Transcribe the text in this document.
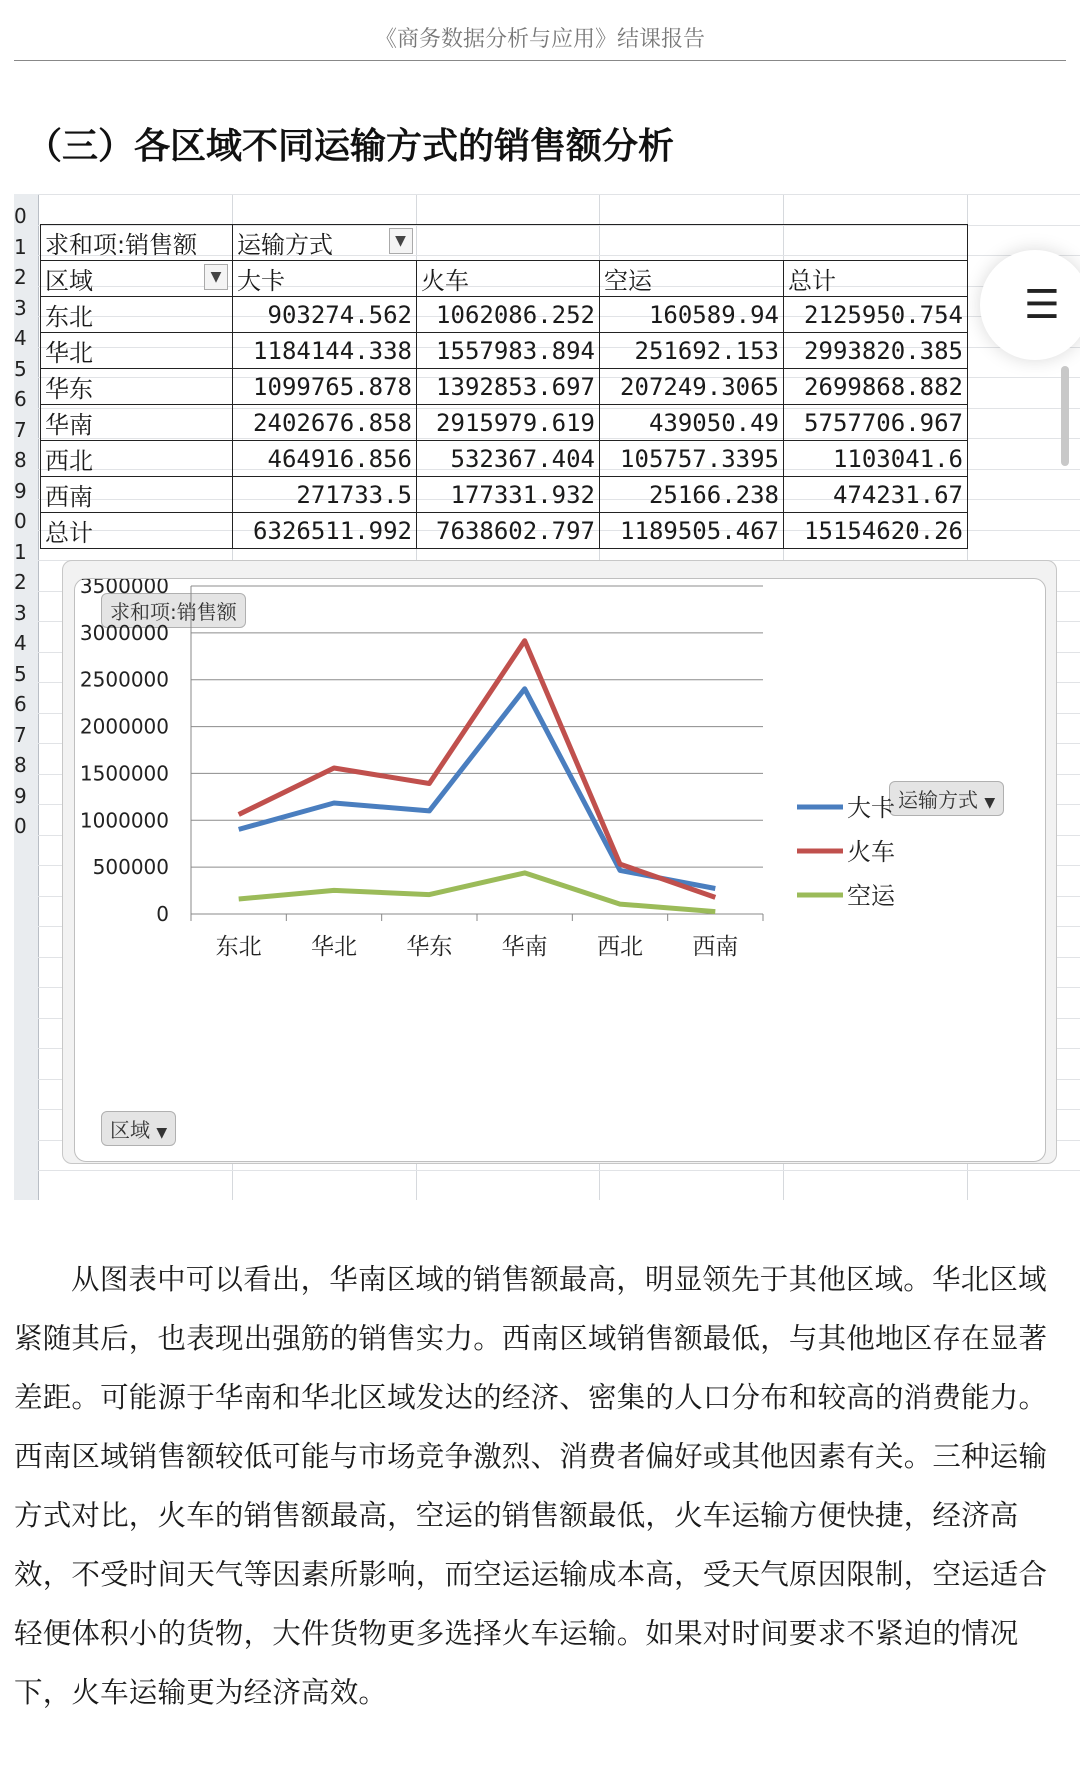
《商务数据分析与应用》结课报告
（三）各区域不同运输方式的销售额分析
0
1
2
3
4
5
6
7
8
9
0
1
2
3
4
5
6
7
8
9
0
求和项:销售额	运输方式 ▼			

区域 ▼	大卡	火车	空运	总计
东北	903274.562	1062086.252	160589.94	2125950.754
华北	1184144.338	1557983.894	251692.153	2993820.385
华东	1099765.878	1392853.697	207249.3065	2699868.882
华南	2402676.858	2915979.619	439050.49	5757706.967
西北	464916.856	532367.404	105757.3395	1103041.6
西南	271733.5	177331.932	25166.238	474231.67
总计	6326511.992	7638602.797	1189505.467	15154620.26
求和项:销售额
区域 ▼
运输方式 ▼
0
500000
1000000
1500000
2000000
2500000
3000000
3500000
东北 华北 华东 华南 西北 西南
大卡
火车
空运
☰

从图表中可以看出，华南区域的销售额最高，明显领先于其他区域。华北区域紧随其后，也表现出强筋的销售实力。西南区域销售额最低，与其他地区存在显著差距。可能源于华南和华北区域发达的经济、密集的人口分布和较高的消费能力。西南区域销售额较低可能与市场竞争激烈、消费者偏好或其他因素有关。三种运输方式对比，火车的销售额最高，空运的销售额最低，火车运输方便快捷，经济高效，不受时间天气等因素所影响，而空运运输成本高，受天气原因限制，空运适合轻便体积小的货物，大件货物更多选择火车运输。如果对时间要求不紧迫的情况下，火车运输更为经济高效。
